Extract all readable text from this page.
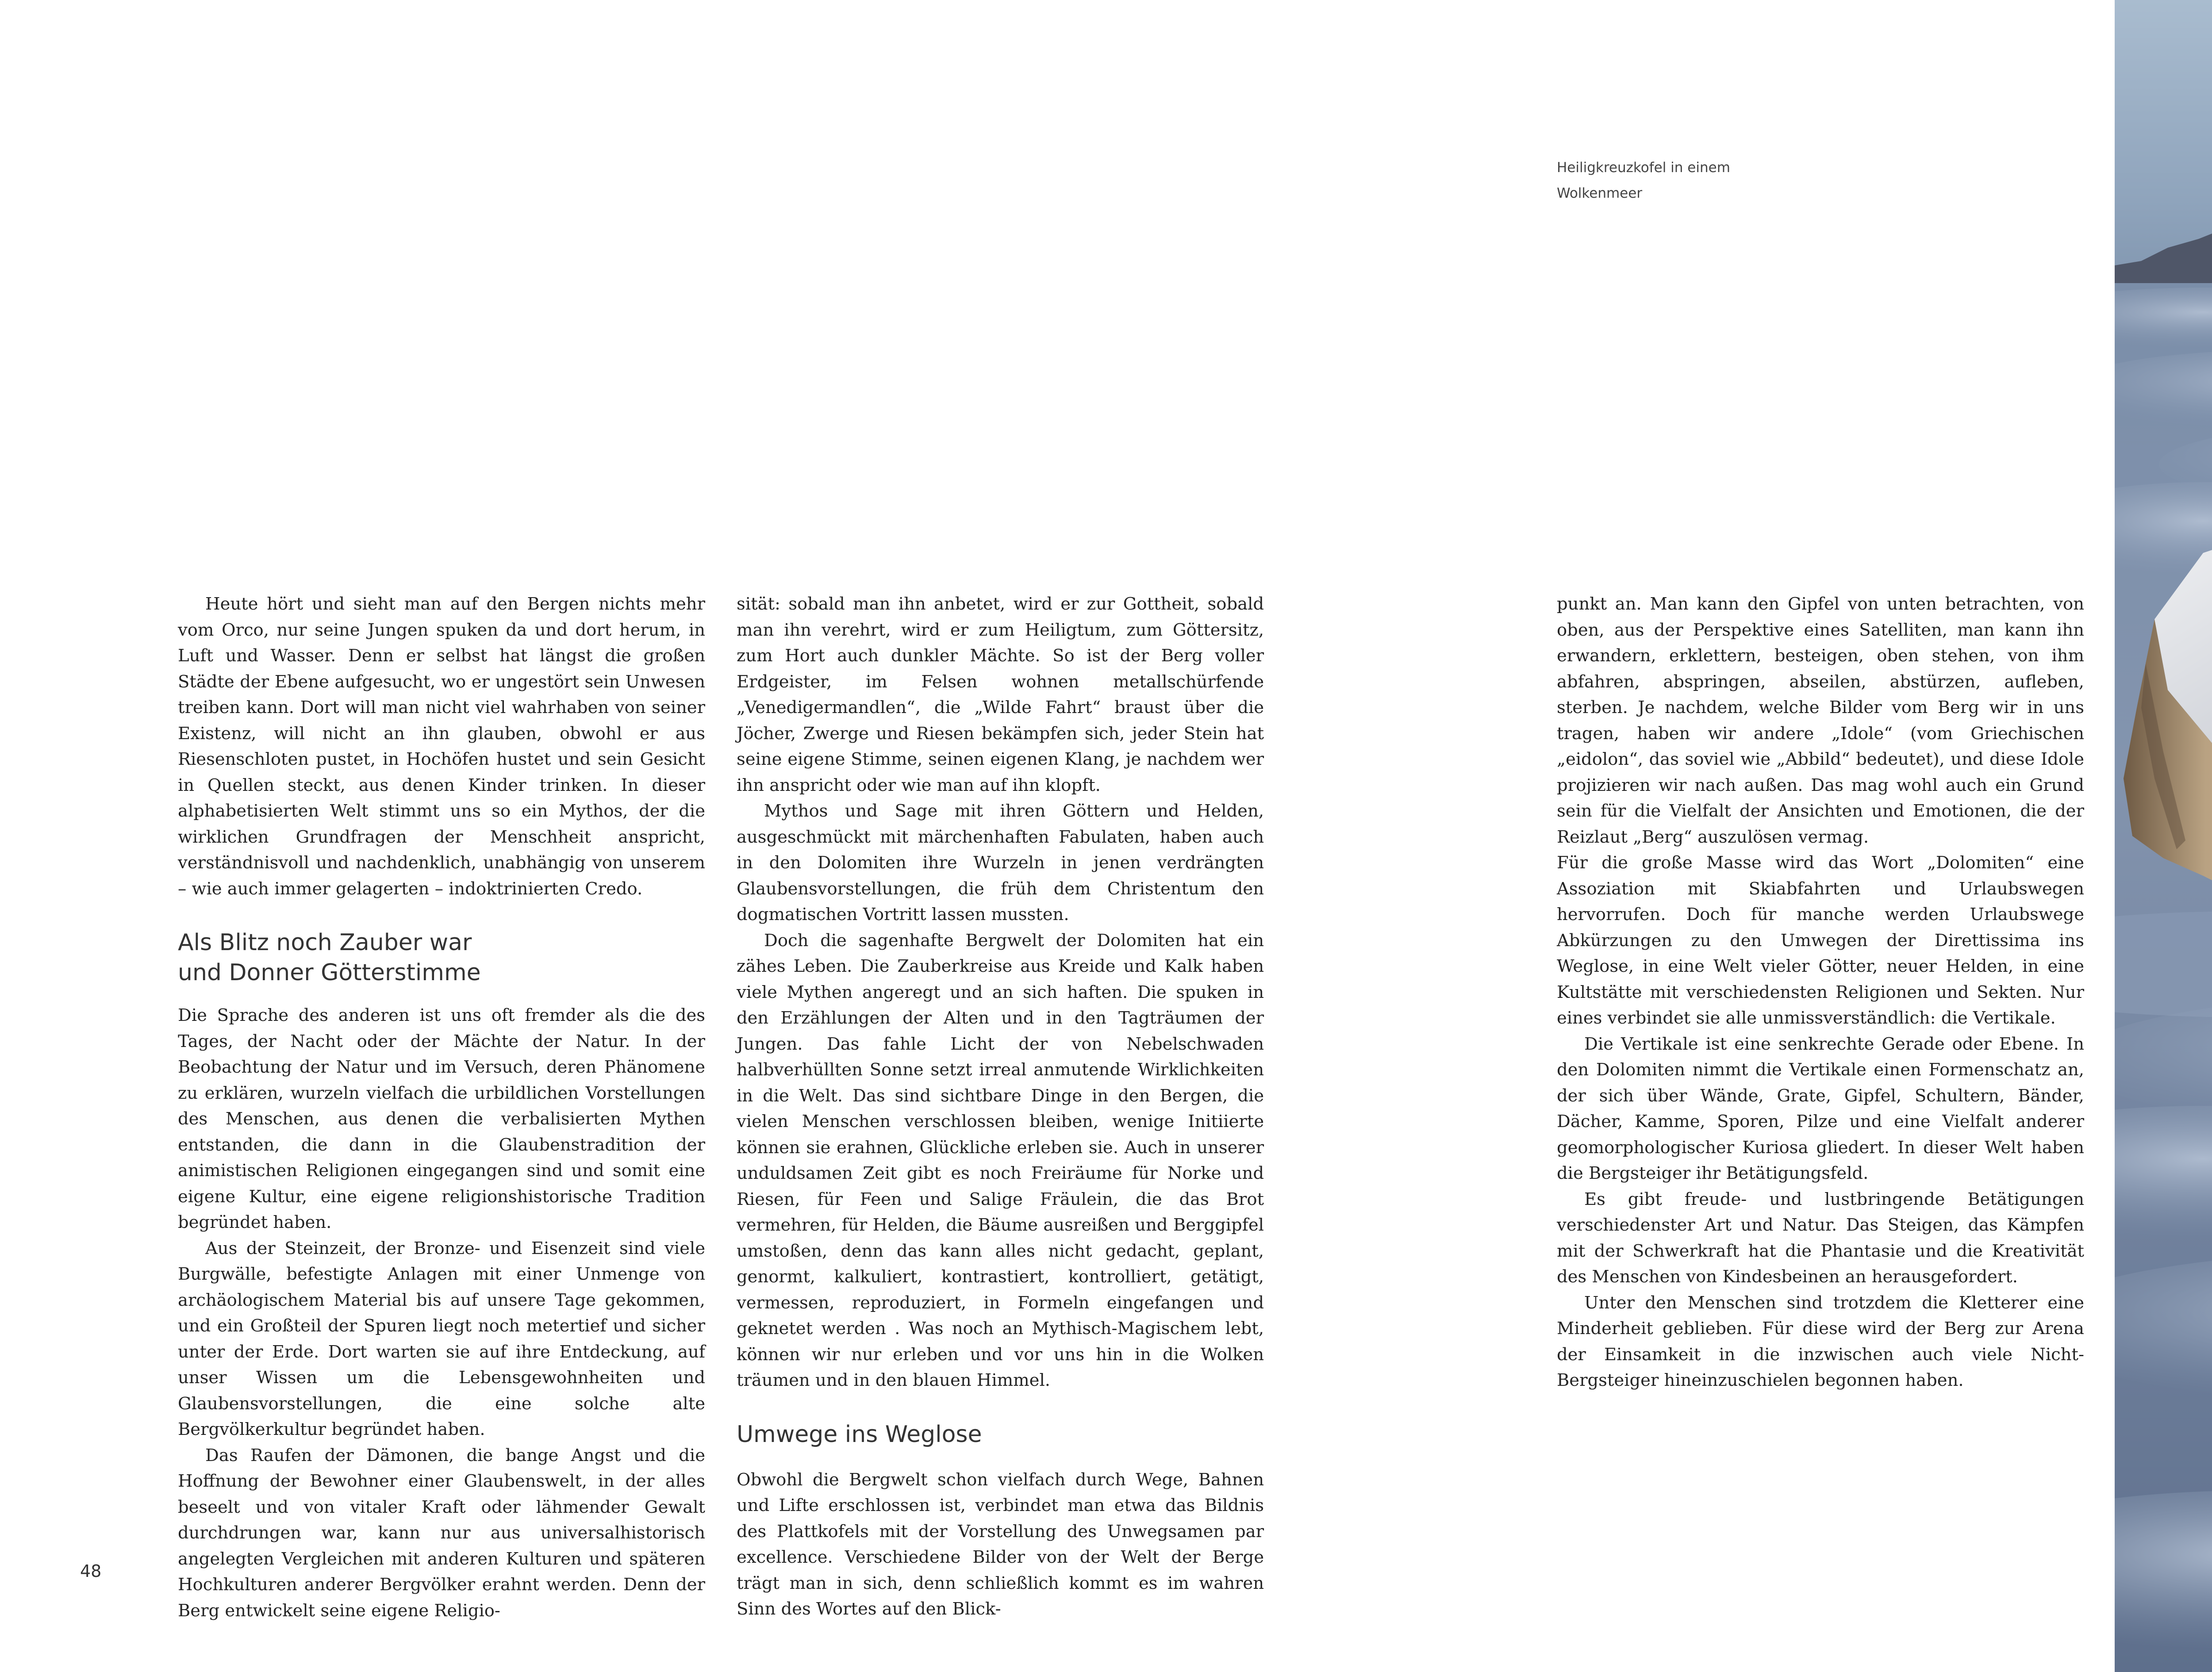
Heiligkreuzkofel in einem
Wolkenmeer

Heute hört und sieht man auf den Bergen nichts mehr vom Orco, nur seine Jungen spuken da und dort herum, in Luft und Wasser. Denn er selbst hat längst die großen Städte der Ebene aufgesucht, wo er ungestört sein Unwesen treiben kann. Dort will man nicht viel wahrhaben von seiner Existenz, will nicht an ihn glauben, obwohl er aus Riesenschloten pustet, in Hochöfen hustet und sein Gesicht in Quellen steckt, aus denen Kinder trinken. In dieser alphabetisierten Welt stimmt uns so ein Mythos, der die wirklichen Grundfragen der Menschheit anspricht, verständnisvoll und nachdenklich, unabhängig von unserem – wie auch immer gelagerten – indoktrinierten Credo.

Als Blitz noch Zauber war
und Donner Götterstimme

Die Sprache des anderen ist uns oft fremder als die des Tages, der Nacht oder der Mächte der Natur. In der Beobachtung der Natur und im Versuch, deren Phänomene zu erklären, wurzeln vielfach die urbildlichen Vorstellungen des Menschen, aus denen die verbalisierten Mythen entstanden, die dann in die Glaubenstradition der animistischen Religionen eingegangen sind und somit eine eigene Kultur, eine eigene religionshistorische Tradition begründet haben.

Aus der Steinzeit, der Bronze- und Eisenzeit sind viele Burgwälle, befestigte Anlagen mit einer Unmenge von archäologischem Material bis auf unsere Tage gekommen, und ein Großteil der Spuren liegt noch metertief und sicher unter der Erde. Dort warten sie auf ihre Entdeckung, auf unser Wissen um die Lebensgewohnheiten und Glaubensvorstellungen, die eine solche alte Bergvölkerkultur begründet haben.

Das Raufen der Dämonen, die bange Angst und die Hoffnung der Bewohner einer Glaubenswelt, in der alles beseelt und von vitaler Kraft oder lähmender Gewalt durchdrungen war, kann nur aus universalhistorisch angelegten Vergleichen mit anderen Kulturen und späteren Hochkulturen anderer Bergvölker erahnt werden. Denn der Berg entwickelt seine eigene Religio-

sität: sobald man ihn anbetet, wird er zur Gottheit, sobald man ihn verehrt, wird er zum Heiligtum, zum Göttersitz, zum Hort auch dunkler Mächte. So ist der Berg voller Erdgeister, im Felsen wohnen metallschürfende „Venedigermandlen“, die „Wilde Fahrt“ braust über die Jöcher, Zwerge und Riesen bekämpfen sich, jeder Stein hat seine eigene Stimme, seinen eigenen Klang, je nachdem wer ihn anspricht oder wie man auf ihn klopft.

Mythos und Sage mit ihren Göttern und Helden, ausgeschmückt mit märchenhaften Fabulaten, haben auch in den Dolomiten ihre Wurzeln in jenen verdrängten Glaubensvorstellungen, die früh dem Christentum den dogmatischen Vortritt lassen mussten.

Doch die sagenhafte Bergwelt der Dolomiten hat ein zähes Leben. Die Zauberkreise aus Kreide und Kalk haben viele Mythen angeregt und an sich haften. Die spuken in den Erzählungen der Alten und in den Tagträumen der Jungen. Das fahle Licht der von Nebelschwaden halbverhüllten Sonne setzt irreal anmutende Wirklichkeiten in die Welt. Das sind sichtbare Dinge in den Bergen, die vielen Menschen verschlossen bleiben, wenige Initiierte können sie erahnen, Glückliche erleben sie. Auch in unserer unduldsamen Zeit gibt es noch Freiräume für Norke und Riesen, für Feen und Salige Fräulein, die das Brot vermehren, für Helden, die Bäume ausreißen und Berggipfel umstoßen, denn das kann alles nicht gedacht, geplant, genormt, kalkuliert, kontrastiert, kontrolliert, getätigt, vermessen, reproduziert, in Formeln eingefangen und geknetet werden . Was noch an Mythisch-Magischem lebt, können wir nur erleben und vor uns hin in die Wolken träumen und in den blauen Himmel.

Umwege ins Weglose

Obwohl die Bergwelt schon vielfach durch Wege, Bahnen und Lifte erschlossen ist, verbindet man etwa das Bildnis des Plattkofels mit der Vorstellung des Unwegsamen par excellence. Verschiedene Bilder von der Welt der Berge trägt man in sich, denn schließlich kommt es im wahren Sinn des Wortes auf den Blick-

punkt an. Man kann den Gipfel von unten betrachten, von oben, aus der Perspektive eines Satelliten, man kann ihn erwandern, erklettern, besteigen, oben stehen, von ihm abfahren, abspringen, abseilen, abstürzen, aufleben, sterben. Je nachdem, welche Bilder vom Berg wir in uns tragen, haben wir andere „Idole“ (vom Griechischen „eidolon“, das soviel wie „Abbild“ bedeutet), und diese Idole projizieren wir nach außen. Das mag wohl auch ein Grund sein für die Vielfalt der Ansichten und Emotionen, die der Reizlaut „Berg“ auszulösen vermag.

Für die große Masse wird das Wort „Dolomiten“ eine Assoziation mit Skiabfahrten und Urlaubswegen hervorrufen. Doch für manche werden Urlaubswege Abkürzungen zu den Umwegen der Direttissima ins Weglose, in eine Welt vieler Götter, neuer Helden, in eine Kultstätte mit verschiedensten Religionen und Sekten. Nur eines verbindet sie alle unmissverständlich: die Vertikale.

Die Vertikale ist eine senkrechte Gerade oder Ebene. In den Dolomiten nimmt die Vertikale einen Formenschatz an, der sich über Wände, Grate, Gipfel, Schultern, Bänder, Dächer, Kamme, Sporen, Pilze und eine Vielfalt anderer geomorphologischer Kuriosa gliedert. In dieser Welt haben die Bergsteiger ihr Betätigungsfeld.

Es gibt freude- und lustbringende Betätigungen verschiedenster Art und Natur. Das Steigen, das Kämpfen mit der Schwerkraft hat die Phantasie und die Kreativität des Menschen von Kindesbeinen an herausgefordert.

Unter den Menschen sind trotzdem die Kletterer eine Minderheit geblieben. Für diese wird der Berg zur Arena der Einsamkeit in die inzwischen auch viele Nicht-Bergsteiger hineinzuschielen begonnen haben.

48
